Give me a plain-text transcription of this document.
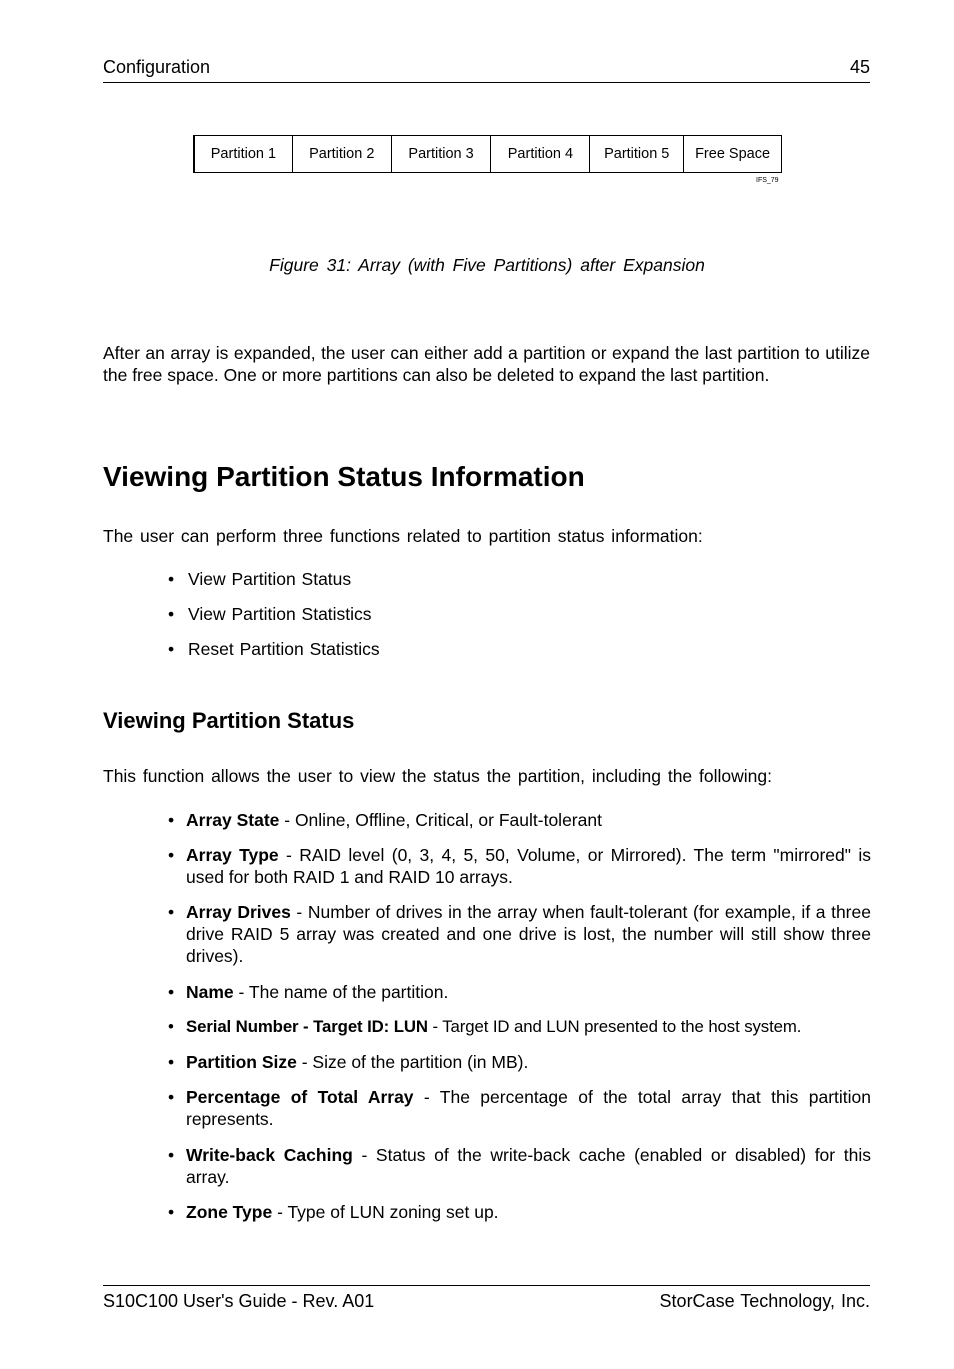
Configuration	45
Partition 1	Partition 2	Partition 3	Partition 4	Partition 5	Free Space
IFS_79
Figure 31: Array (with Five Partitions) after Expansion
After an array is expanded, the user can either add a partition or expand the last partition to utilize the free space. One or more partitions can also be deleted to expand the last partition.
Viewing Partition Status Information
The user can perform three functions related to partition status information:
• View Partition Status
• View Partition Statistics
• Reset Partition Statistics
Viewing Partition Status
This function allows the user to view the status the partition, including the following:
• Array State - Online, Offline, Critical, or Fault-tolerant
• Array Type - RAID level (0, 3, 4, 5, 50, Volume, or Mirrored). The term "mirrored" is used for both RAID 1 and RAID 10 arrays.
• Array Drives - Number of drives in the array when fault-tolerant (for example, if a three drive RAID 5 array was created and one drive is lost, the number will still show three drives).
• Name - The name of the partition.
• Serial Number - Target ID: LUN - Target ID and LUN presented to the host system.
• Partition Size - Size of the partition (in MB).
• Percentage of Total Array - The percentage of the total array that this partition represents.
• Write-back Caching - Status of the write-back cache (enabled or disabled) for this array.
• Zone Type - Type of LUN zoning set up.
S10C100 User's Guide - Rev. A01	StorCase Technology, Inc.
